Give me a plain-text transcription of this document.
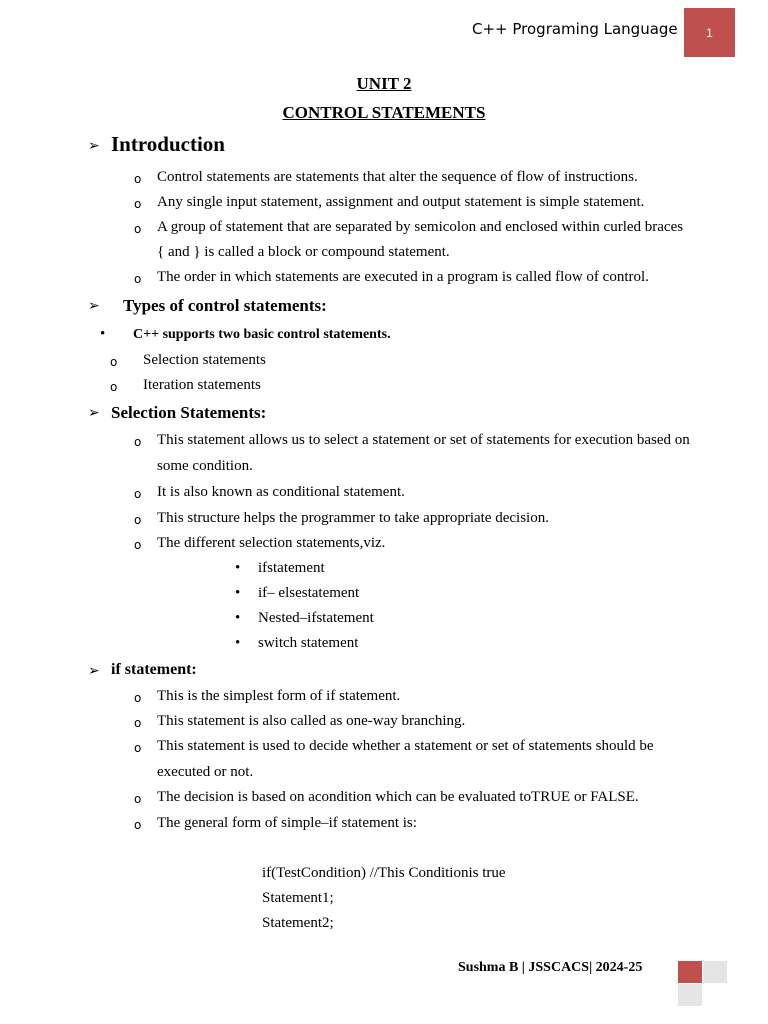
C++ Programing Language	1
UNIT 2
CONTROL STATEMENTS
➢ Introduction
o Control statements are statements that alter the sequence of flow of instructions.
o Any single input statement, assignment and output statement is simple statement.
o A group of statement that are separated by semicolon and enclosed within curled braces
{ and } is called a block or compound statement.
o The order in which statements are executed in a program is called flow of control.
➢ Types of control statements:
• C++ supports two basic control statements.
o Selection statements
o Iteration statements
➢ Selection Statements:
o This statement allows us to select a statement or set of statements for execution based on
some condition.
o It is also known as conditional statement.
o This structure helps the programmer to take appropriate decision.
o The different selection statements,viz.
• ifstatement
• if– elsestatement
• Nested–ifstatement
• switch statement
➢ if statement:
o This is the simplest form of if statement.
o This statement is also called as one-way branching.
o This statement is used to decide whether a statement or set of statements should be
executed or not.
o The decision is based on acondition which can be evaluated toTRUE or FALSE.
o The general form of simple–if statement is:
if(TestCondition) //This Conditionis true
Statement1;
Statement2;
Sushma B | JSSCACS| 2024-25
